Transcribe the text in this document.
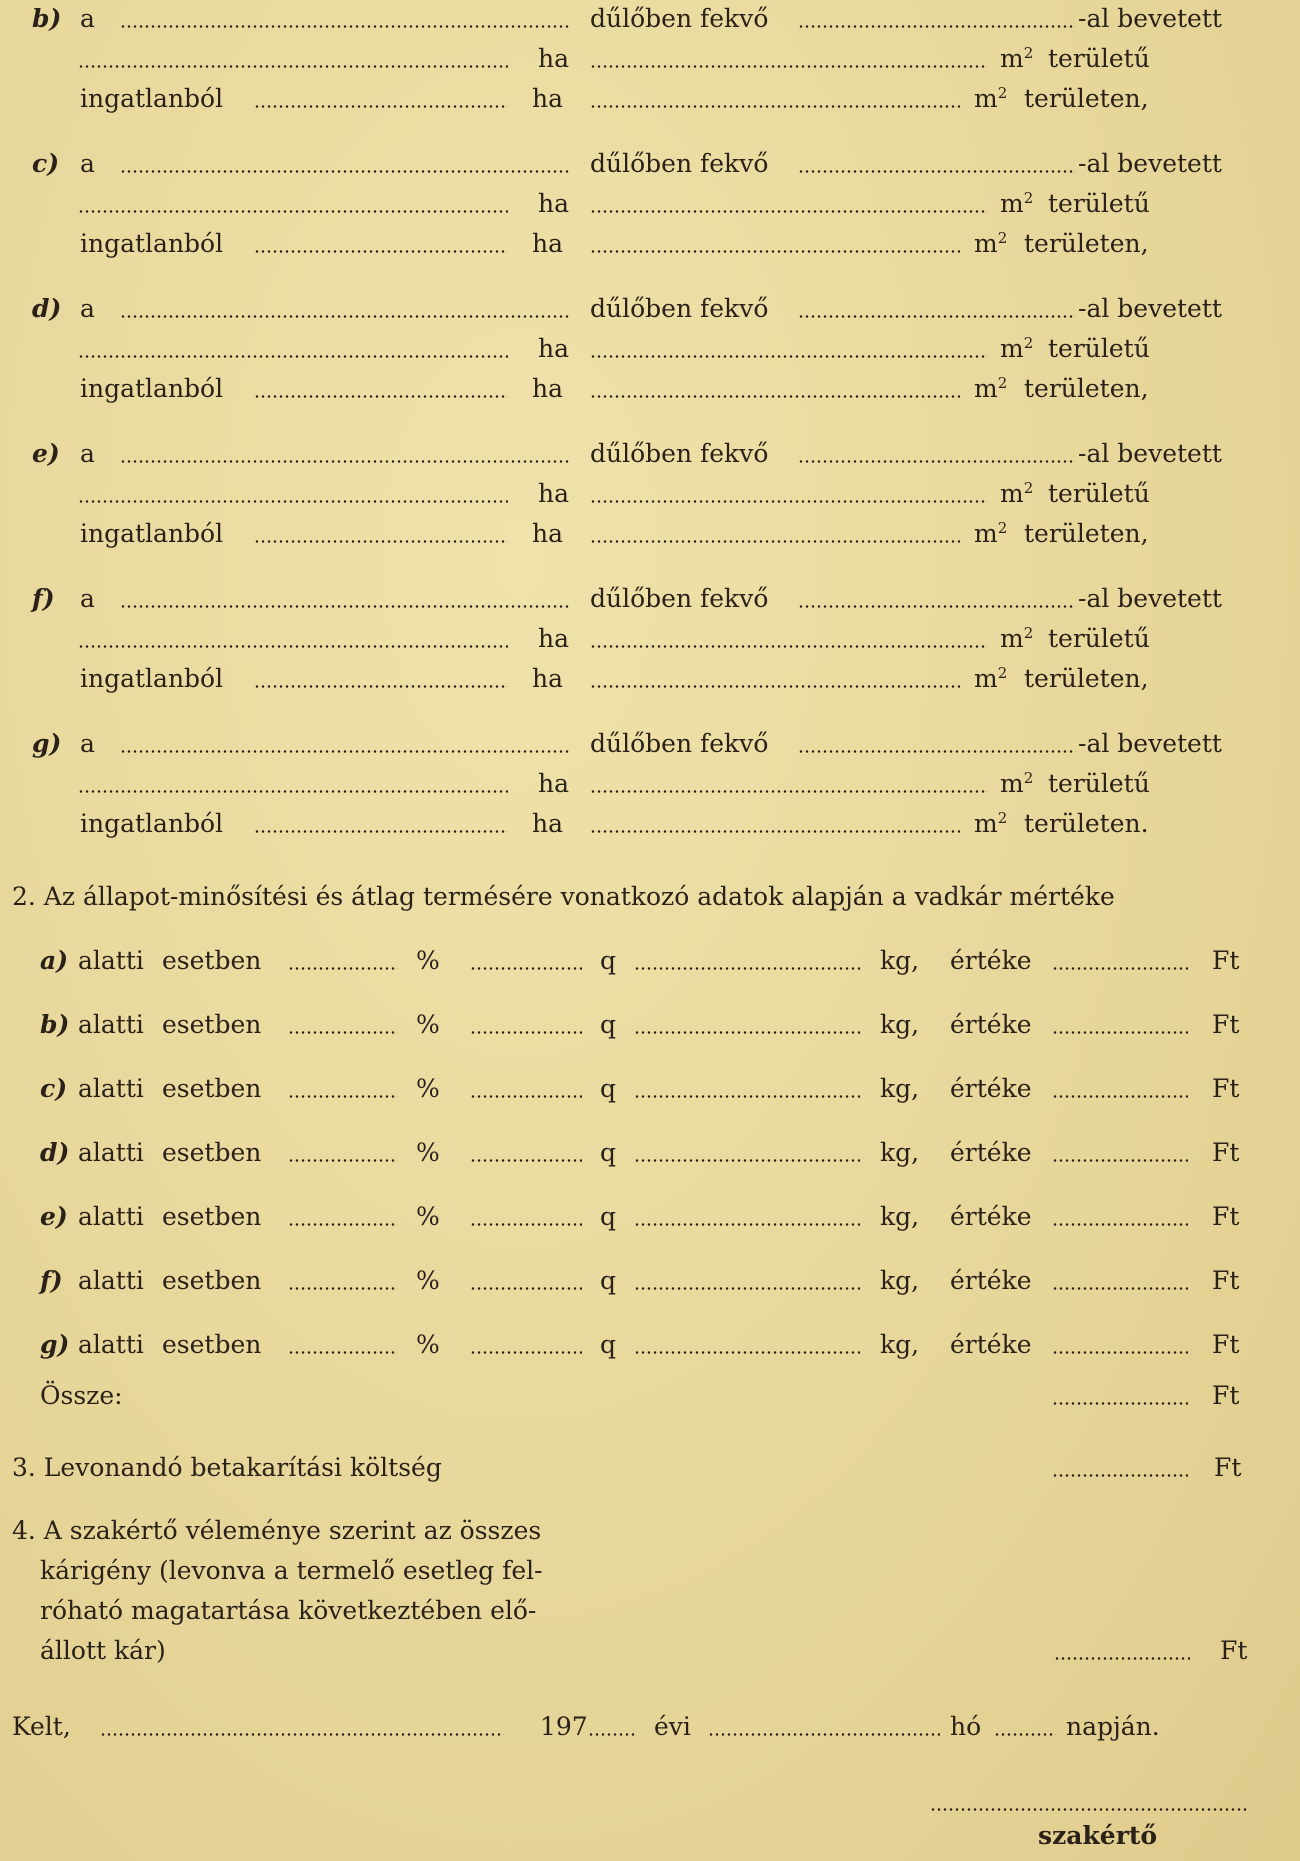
b) a	dűlőben fekvő	-al bevetett
ha	$m^2$ területű
ingatlanból	ha	$m^2$ területen,
c) a	dűlőben fekvő	-al bevetett
ha	$m^2$ területű
ingatlanból	ha	$m^2$ területen,
d) a	dűlőben fekvő	-al bevetett
ha	$m^2$ területű
ingatlanból	ha	$m^2$ területen,
e) a	dűlőben fekvő	-al bevetett
ha	$m^2$ területű
ingatlanból	ha	$m^2$ területen,
f) a	dűlőben fekvő	-al bevetett
ha	$m^2$ területű
ingatlanból	ha	$m^2$ területen,
g) a	dűlőben fekvő	-al bevetett
ha	$m^2$ területű
ingatlanból	ha	$m^2$ területen.
2. Az állapot-minősítési és átlag termésére vonatkozó adatok alapján a vadkár mértéke
a) alatti esetben	%	q	kg, értéke	Ft
b) alatti esetben	%	q	kg, értéke	Ft
c) alatti esetben	%	q	kg, értéke	Ft
d) alatti esetben	%	q	kg, értéke	Ft
e) alatti esetben	%	q	kg, értéke	Ft
f) alatti esetben	%	q	kg, értéke	Ft
g) alatti esetben	%	q	kg, értéke	Ft
Össze:	Ft
3. Levonandó betakarítási költség	Ft
4. A szakértő véleménye szerint az összes
kárigény (levonva a termelő esetleg fel-
róható magatartása következtében elő-
állott kár)	Ft
Kelt,	197	évi	hó	napján.
szakértő
